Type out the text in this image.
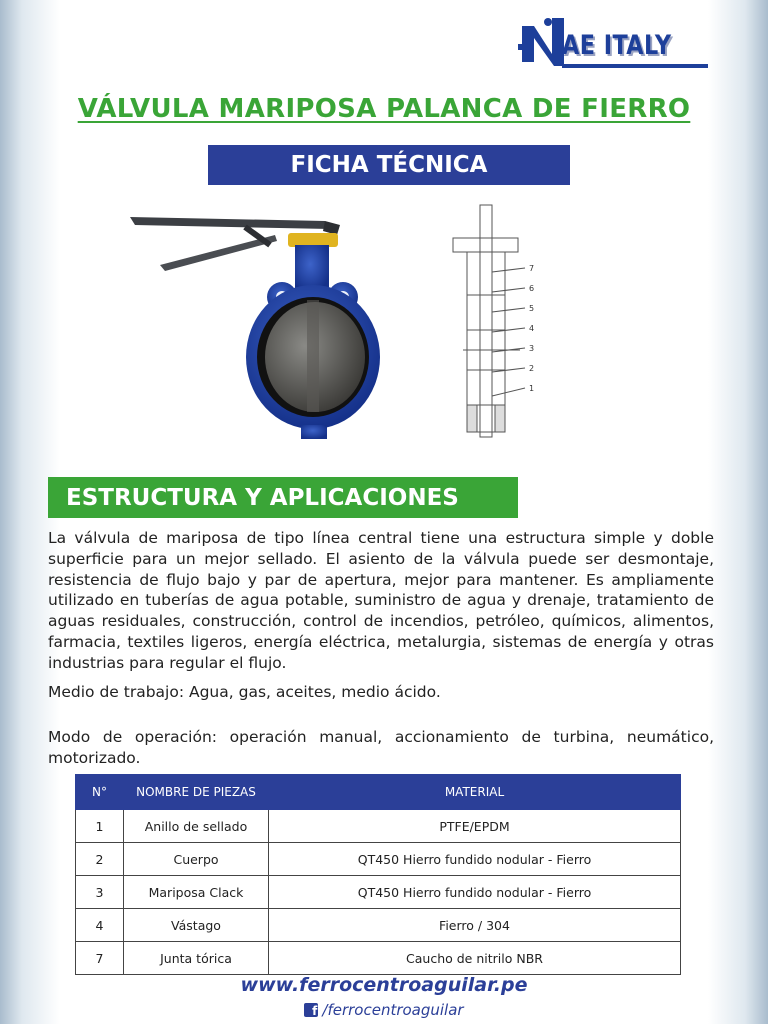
AE ITALY
VÁLVULA MARIPOSA PALANCA DE FIERRO
FICHA TÉCNICA
7
6
5
4
3
2
1
ESTRUCTURA Y APLICACIONES
La válvula de mariposa de tipo línea central tiene una estructura simple y doble superficie para un mejor sellado. El asiento de la válvula puede ser desmontaje, resistencia de flujo bajo y par de apertura, mejor para mantener. Es ampliamente utilizado en tuberías de agua potable, suministro de agua y drenaje, tratamiento de aguas residuales, construcción, control de incendios, petróleo, químicos, alimentos, farmacia, textiles ligeros, energía eléctrica, metalurgia, sistemas de energía y otras industrias para regular el flujo.
Medio de trabajo: Agua, gas, aceites, medio ácido.
Modo de operación: operación manual, accionamiento de turbina, neumático, motorizado.
N°	NOMBRE DE PIEZAS	MATERIAL
1	Anillo de sellado	PTFE/EPDM
2	Cuerpo	QT450 Hierro fundido nodular - Fierro
3	Mariposa Clack	QT450 Hierro fundido nodular - Fierro
4	Vástago	Fierro / 304
7	Junta tórica	Caucho de nitrilo NBR
www.ferrocentroaguilar.pe
f /ferrocentroaguilar
